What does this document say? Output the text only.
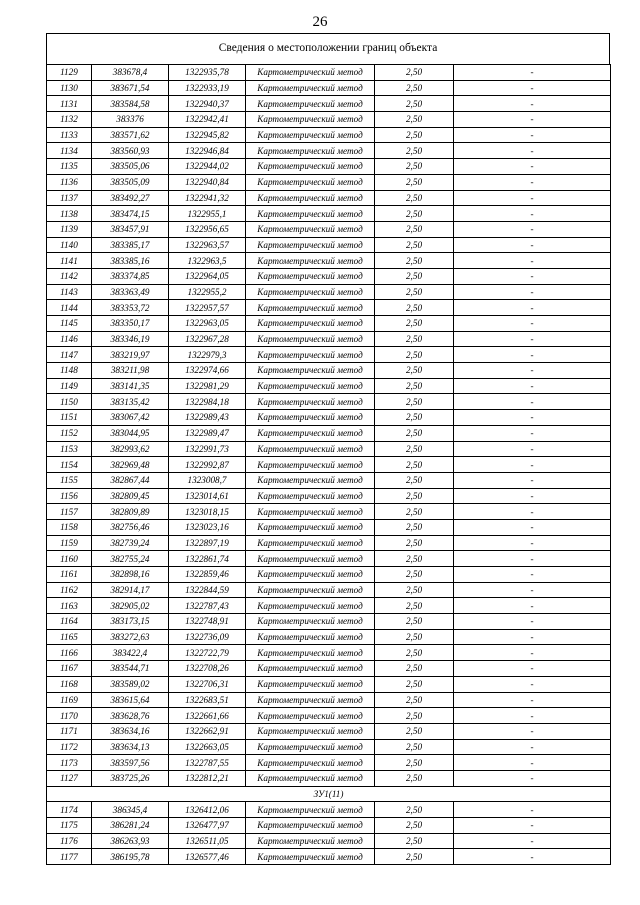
26
Сведения о местоположении границ объекта
1129	383678,4	1322935,78	Картометрический метод	2,50	-
1130	383671,54	1322933,19	Картометрический метод	2,50	-
1131	383584,58	1322940,37	Картометрический метод	2,50	-
1132	383376	1322942,41	Картометрический метод	2,50	-
1133	383571,62	1322945,82	Картометрический метод	2,50	-
1134	383560,93	1322946,84	Картометрический метод	2,50	-
1135	383505,06	1322944,02	Картометрический метод	2,50	-
1136	383505,09	1322940,84	Картометрический метод	2,50	-
1137	383492,27	1322941,32	Картометрический метод	2,50	-
1138	383474,15	1322955,1	Картометрический метод	2,50	-
1139	383457,91	1322956,65	Картометрический метод	2,50	-
1140	383385,17	1322963,57	Картометрический метод	2,50	-
1141	383385,16	1322963,5	Картометрический метод	2,50	-
1142	383374,85	1322964,05	Картометрический метод	2,50	-
1143	383363,49	1322955,2	Картометрический метод	2,50	-
1144	383353,72	1322957,57	Картометрический метод	2,50	-
1145	383350,17	1322963,05	Картометрический метод	2,50	-
1146	383346,19	1322967,28	Картометрический метод	2,50	-
1147	383219,97	1322979,3	Картометрический метод	2,50	-
1148	383211,98	1322974,66	Картометрический метод	2,50	-
1149	383141,35	1322981,29	Картометрический метод	2,50	-
1150	383135,42	1322984,18	Картометрический метод	2,50	-
1151	383067,42	1322989,43	Картометрический метод	2,50	-
1152	383044,95	1322989,47	Картометрический метод	2,50	-
1153	382993,62	1322991,73	Картометрический метод	2,50	-
1154	382969,48	1322992,87	Картометрический метод	2,50	-
1155	382867,44	1323008,7	Картометрический метод	2,50	-
1156	382809,45	1323014,61	Картометрический метод	2,50	-
1157	382809,89	1323018,15	Картометрический метод	2,50	-
1158	382756,46	1323023,16	Картометрический метод	2,50	-
1159	382739,24	1322897,19	Картометрический метод	2,50	-
1160	382755,24	1322861,74	Картометрический метод	2,50	-
1161	382898,16	1322859,46	Картометрический метод	2,50	-
1162	382914,17	1322844,59	Картометрический метод	2,50	-
1163	382905,02	1322787,43	Картометрический метод	2,50	-
1164	383173,15	1322748,91	Картометрический метод	2,50	-
1165	383272,63	1322736,09	Картометрический метод	2,50	-
1166	383422,4	1322722,79	Картометрический метод	2,50	-
1167	383544,71	1322708,26	Картометрический метод	2,50	-
1168	383589,02	1322706,31	Картометрический метод	2,50	-
1169	383615,64	1322683,51	Картометрический метод	2,50	-
1170	383628,76	1322661,66	Картометрический метод	2,50	-
1171	383634,16	1322662,91	Картометрический метод	2,50	-
1172	383634,13	1322663,05	Картометрический метод	2,50	-
1173	383597,56	1322787,55	Картометрический метод	2,50	-
1127	383725,26	1322812,21	Картометрический метод	2,50	-
ЗУ1(11)					
1174	386345,4	1326412,06	Картометрический метод	2,50	-
1175	386281,24	1326477,97	Картометрический метод	2,50	-
1176	386263,93	1326511,05	Картометрический метод	2,50	-
1177	386195,78	1326577,46	Картометрический метод	2,50	-
